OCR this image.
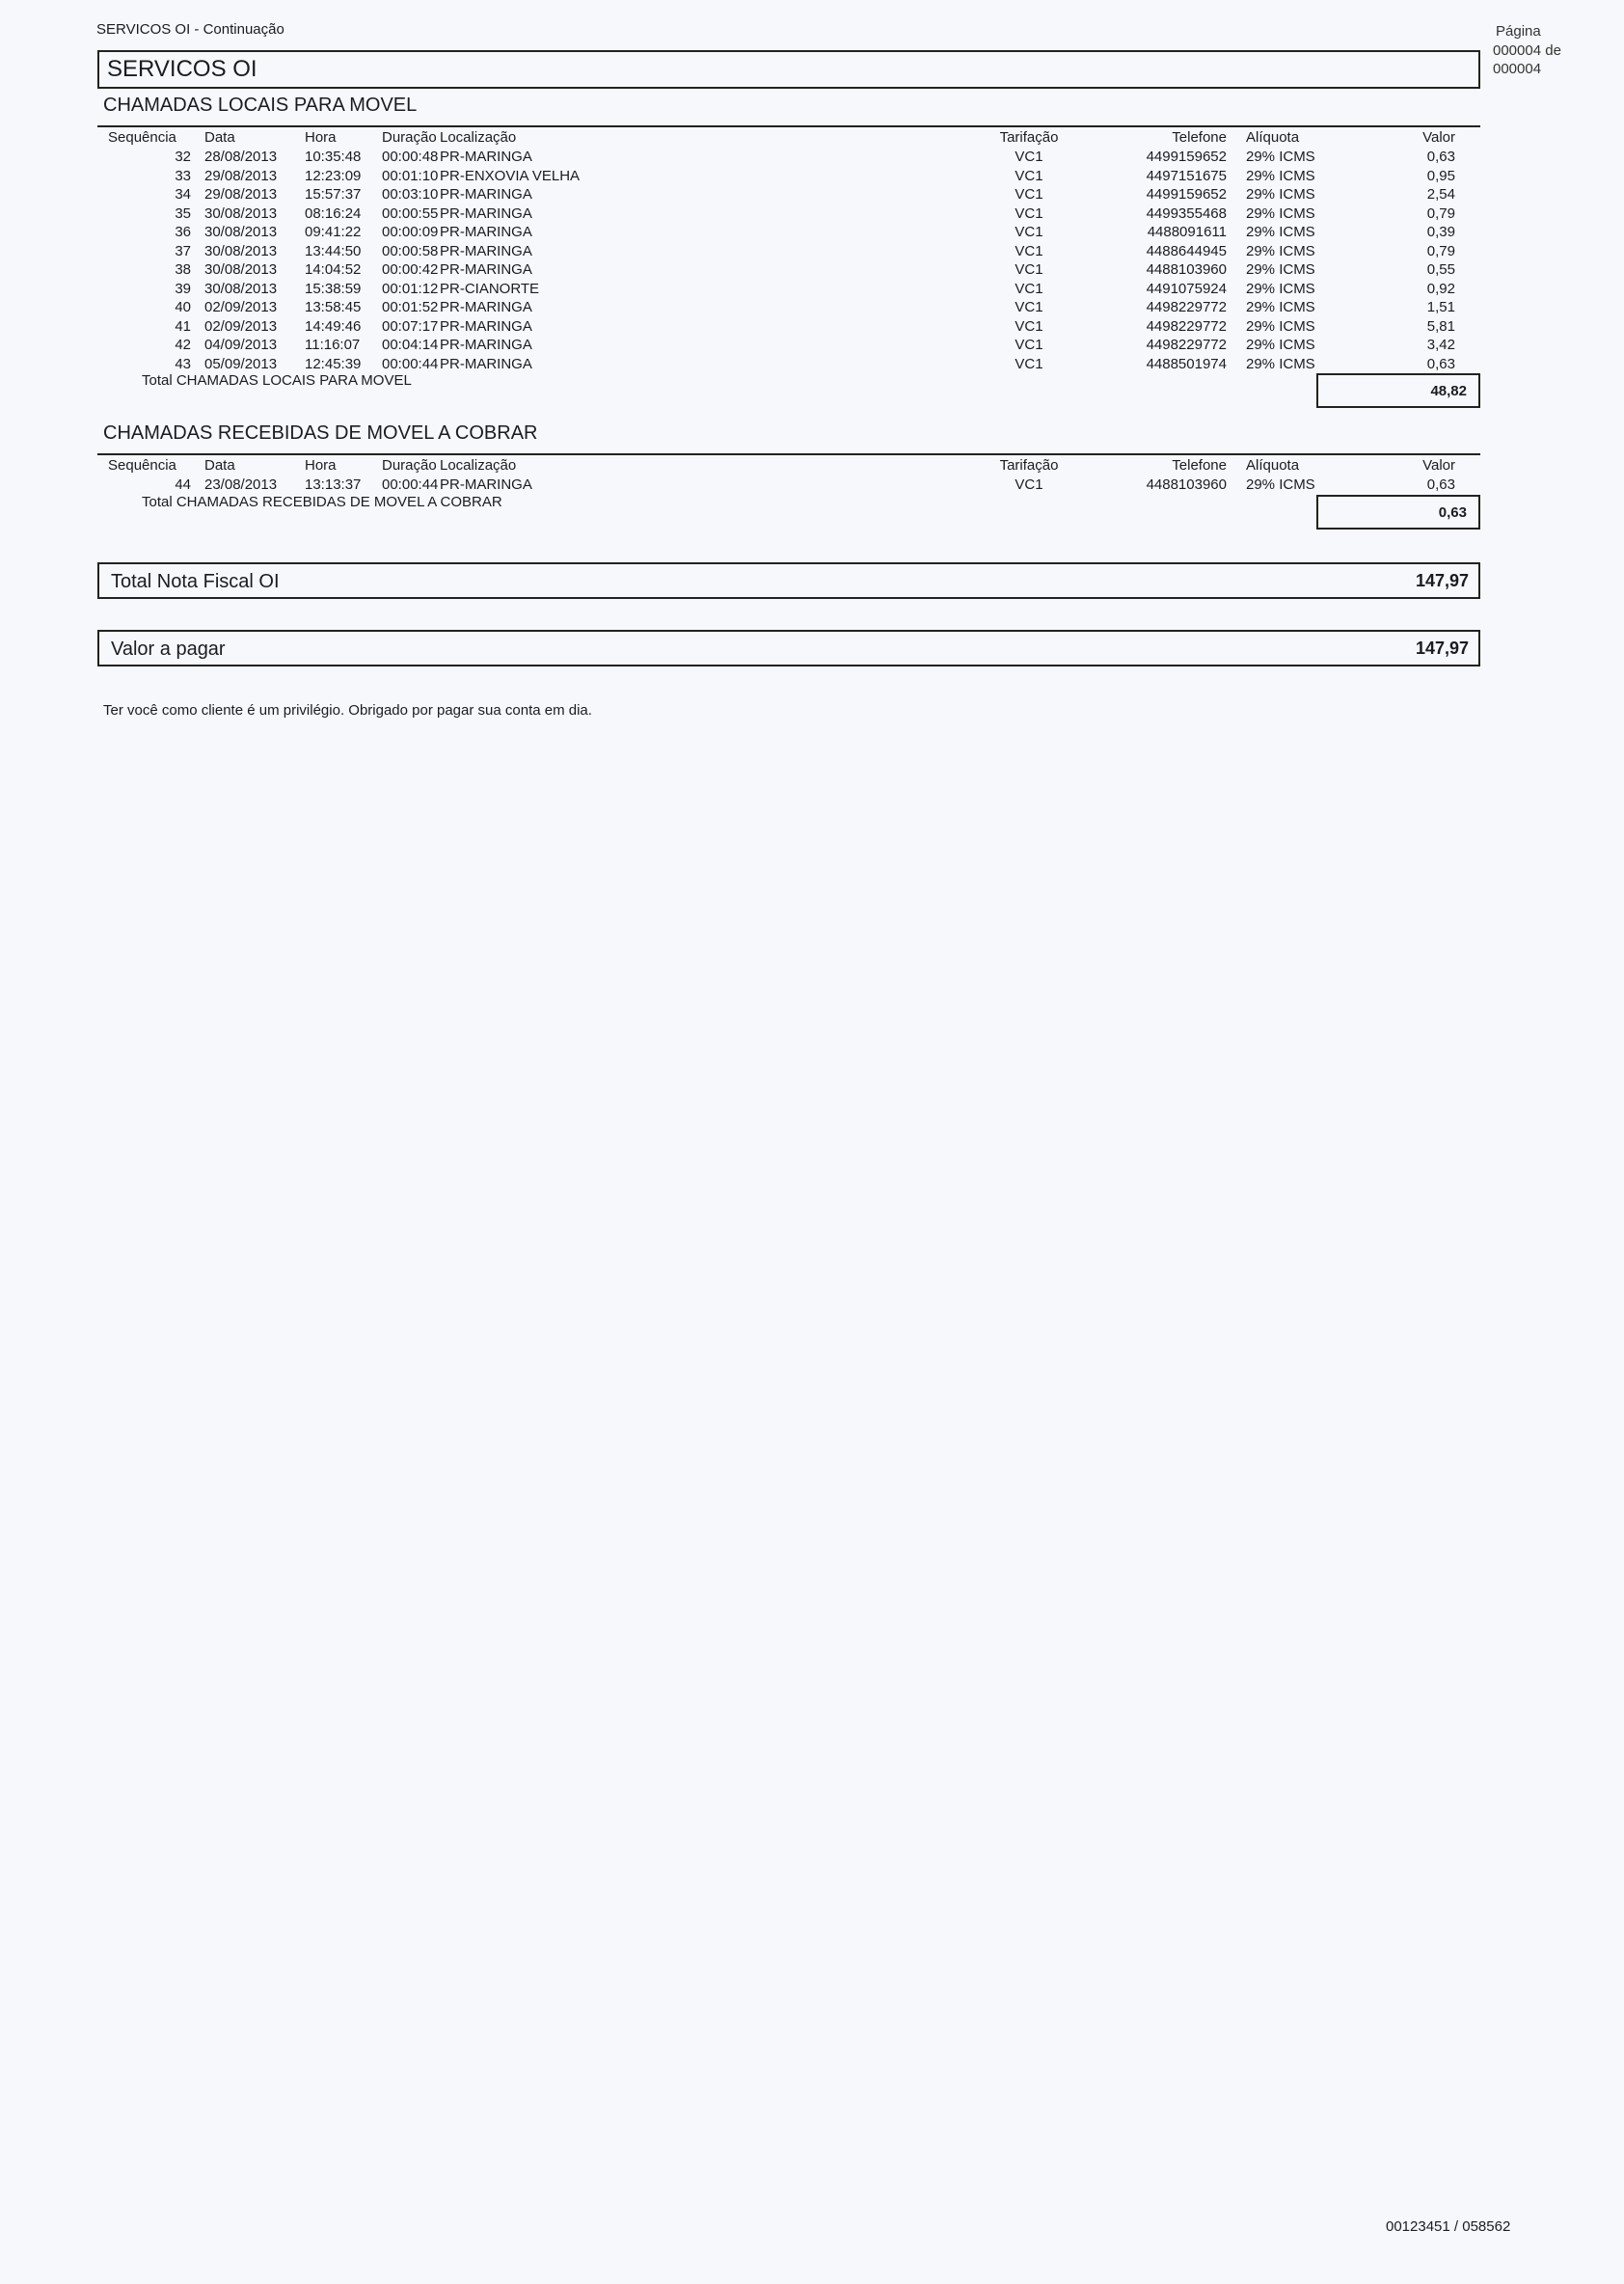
SERVICOS OI - Continuação	Página
000004 de
000004
SERVICOS OI
CHAMADAS LOCAIS PARA MOVEL
Sequência	Data	Hora	Duração	Localização	Tarifação	Telefone	Alíquota	Valor
32	28/08/2013	10:35:48	00:00:48	PR-MARINGA	VC1	4499159652	29% ICMS	0,63
33	29/08/2013	12:23:09	00:01:10	PR-ENXOVIA VELHA	VC1	4497151675	29% ICMS	0,95
34	29/08/2013	15:57:37	00:03:10	PR-MARINGA	VC1	4499159652	29% ICMS	2,54
35	30/08/2013	08:16:24	00:00:55	PR-MARINGA	VC1	4499355468	29% ICMS	0,79
36	30/08/2013	09:41:22	00:00:09	PR-MARINGA	VC1	4488091611	29% ICMS	0,39
37	30/08/2013	13:44:50	00:00:58	PR-MARINGA	VC1	4488644945	29% ICMS	0,79
38	30/08/2013	14:04:52	00:00:42	PR-MARINGA	VC1	4488103960	29% ICMS	0,55
39	30/08/2013	15:38:59	00:01:12	PR-CIANORTE	VC1	4491075924	29% ICMS	0,92
40	02/09/2013	13:58:45	00:01:52	PR-MARINGA	VC1	4498229772	29% ICMS	1,51
41	02/09/2013	14:49:46	00:07:17	PR-MARINGA	VC1	4498229772	29% ICMS	5,81
42	04/09/2013	11:16:07	00:04:14	PR-MARINGA	VC1	4498229772	29% ICMS	3,42
43	05/09/2013	12:45:39	00:00:44	PR-MARINGA	VC1	4488501974	29% ICMS	0,63
Total CHAMADAS LOCAIS PARA MOVEL
48,82
CHAMADAS RECEBIDAS DE MOVEL A COBRAR
Sequência	Data	Hora	Duração	Localização	Tarifação	Telefone	Alíquota	Valor
44	23/08/2013	13:13:37	00:00:44	PR-MARINGA	VC1	4488103960	29% ICMS	0,63
Total CHAMADAS RECEBIDAS DE MOVEL A COBRAR
0,63
Total Nota Fiscal OI	147,97
Valor a pagar	147,97
Ter você como cliente é um privilégio. Obrigado por pagar sua conta em dia.
00123451 / 058562
